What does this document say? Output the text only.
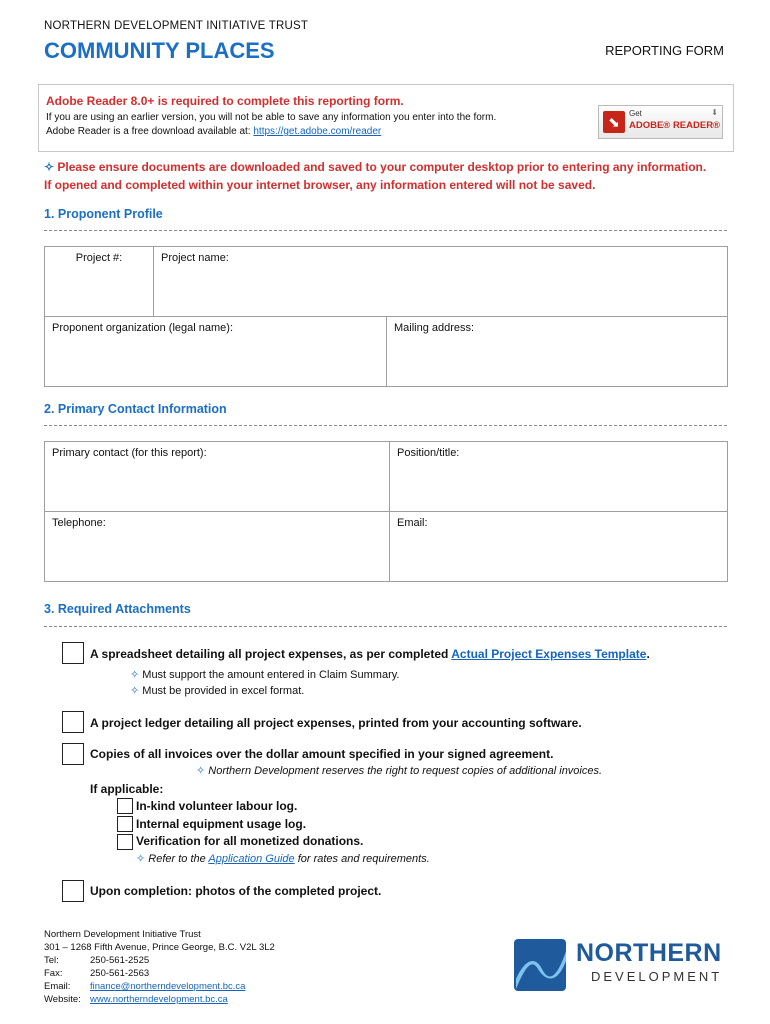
NORTHERN DEVELOPMENT INITIATIVE TRUST
COMMUNITY PLACES	REPORTING FORM
Adobe Reader 8.0+ is required to complete this reporting form.
If you are using an earlier version, you will not be able to save any information you enter into the form.
Adobe Reader is a free download available at: https://get.adobe.com/reader
⬊
Get
ADOBE® READER®
⬇
✧ Please ensure documents are downloaded and saved to your computer desktop prior to entering any information.
If opened and completed within your internet browser, any information entered will not be saved.
1. Proponent Profile
Project #:	Project name:	
Proponent organization (legal name):		Mailing address:
2. Primary Contact Information
Primary contact (for this report):	Position/title:
Telephone:	Email:
3. Required Attachments
A spreadsheet detailing all project expenses, as per completed Actual Project Expenses Template.
✧ Must support the amount entered in Claim Summary.
✧ Must be provided in excel format.
A project ledger detailing all project expenses, printed from your accounting software.
Copies of all invoices over the dollar amount specified in your signed agreement.
✧ Northern Development reserves the right to request copies of additional invoices.
If applicable:
In-kind volunteer labour log.
Internal equipment usage log.
Verification for all monetized donations.
✧ Refer to the Application Guide for rates and requirements.
Upon completion: photos of the completed project.
Northern Development Initiative Trust
301 – 1268 Fifth Avenue, Prince George, B.C. V2L 3L2
Tel:	250-561-2525
Fax:	250-561-2563
Email: finance@northerndevelopment.bc.ca
Website: www.northerndevelopment.bc.ca
NORTHERN
DEVELOPMENT
